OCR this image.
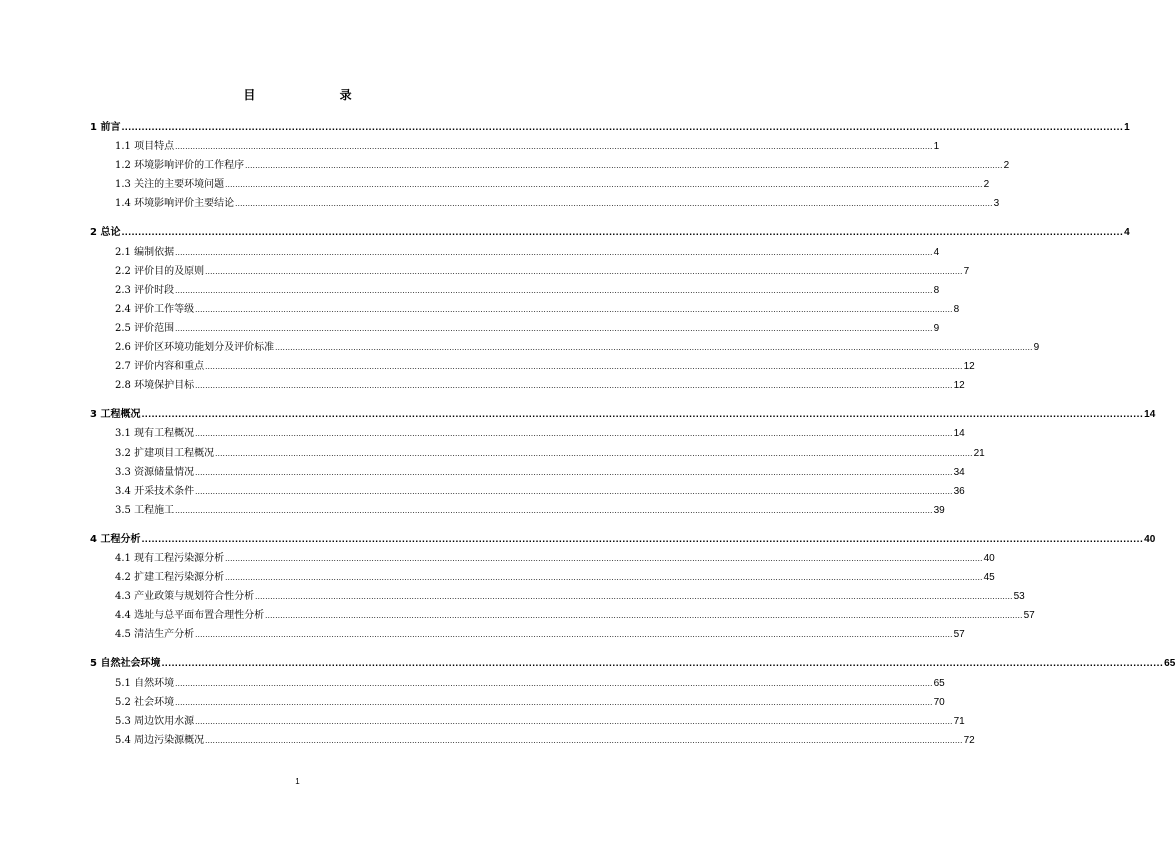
目 录
1 前言 ............................................................................................................................................................................................................................................................................................................ 1
1.1 项目特点 ............................................................................................................................................................................................................................................................................................................ 1
1.2 环境影响评价的工作程序 ............................................................................................................................................................................................................................................................................................................ 2
1.3 关注的主要环境问题 ............................................................................................................................................................................................................................................................................................................ 2
1.4 环境影响评价主要结论 ............................................................................................................................................................................................................................................................................................................ 3
2 总论 ............................................................................................................................................................................................................................................................................................................ 4
2.1 编制依据 ............................................................................................................................................................................................................................................................................................................ 4
2.2 评价目的及原则 ............................................................................................................................................................................................................................................................................................................ 7
2.3 评价时段 ............................................................................................................................................................................................................................................................................................................ 8
2.4 评价工作等级 ............................................................................................................................................................................................................................................................................................................ 8
2.5 评价范围 ............................................................................................................................................................................................................................................................................................................ 9
2.6 评价区环境功能划分及评价标准 ............................................................................................................................................................................................................................................................................................................ 9
2.7 评价内容和重点 ............................................................................................................................................................................................................................................................................................................ 12
2.8 环境保护目标 ............................................................................................................................................................................................................................................................................................................ 12
3 工程概况 ............................................................................................................................................................................................................................................................................................................ 14
3.1 现有工程概况 ............................................................................................................................................................................................................................................................................................................ 14
3.2 扩建项目工程概况 ............................................................................................................................................................................................................................................................................................................ 21
3.3 资源储量情况 ............................................................................................................................................................................................................................................................................................................ 34
3.4 开采技术条件 ............................................................................................................................................................................................................................................................................................................ 36
3.5 工程施工 ............................................................................................................................................................................................................................................................................................................ 39
4 工程分析 ............................................................................................................................................................................................................................................................................................................ 40
4.1 现有工程污染源分析 ............................................................................................................................................................................................................................................................................................................ 40
4.2 扩建工程污染源分析 ............................................................................................................................................................................................................................................................................................................ 45
4.3 产业政策与规划符合性分析 ............................................................................................................................................................................................................................................................................................................ 53
4.4 选址与总平面布置合理性分析 ............................................................................................................................................................................................................................................................................................................ 57
4.5 清洁生产分析 ............................................................................................................................................................................................................................................................................................................ 57
5 自然社会环境 ............................................................................................................................................................................................................................................................................................................ 65
5.1 自然环境 ............................................................................................................................................................................................................................................................................................................ 65
5.2 社会环境 ............................................................................................................................................................................................................................................................................................................ 70
5.3 周边饮用水源 ............................................................................................................................................................................................................................................................................................................ 71
5.4 周边污染源概况 ............................................................................................................................................................................................................................................................................................................ 72
1
